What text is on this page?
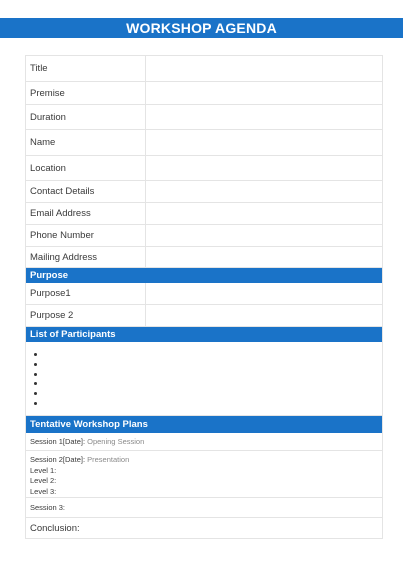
WORKSHOP AGENDA
Title
Premise
Duration
Name
Location
Contact Details
Email Address
Phone Number
Mailing Address
Purpose
Purpose1
Purpose 2
List of Participants
Tentative Workshop Plans
Session 1[Date]: Opening Session
Session 2[Date]: Presentation
Level 1:
Level 2:
Level 3:
Session 3:
Conclusion:
